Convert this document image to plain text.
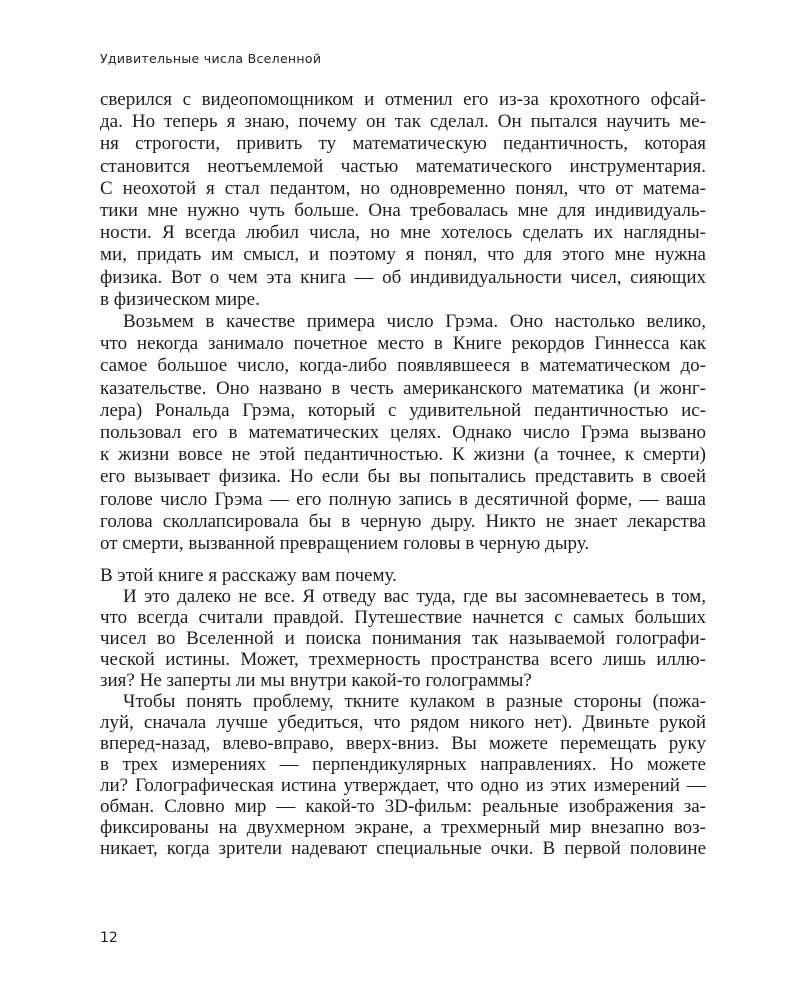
Удивительные числа Вселенной
сверился с видеопомощником и отменил его из-за крохотного офсай-
да. Но теперь я знаю, почему он так сделал. Он пытался научить ме-
ня строгости, привить ту математическую педантичность, которая
становится неотъемлемой частью математического инструментария.
С неохотой я стал педантом, но одновременно понял, что от матема-
тики мне нужно чуть больше. Она требовалась мне для индивидуаль-
ности. Я всегда любил числа, но мне хотелось сделать их наглядны-
ми, придать им смысл, и поэтому я понял, что для этого мне нужна
физика. Вот о чем эта книга — об индивидуальности чисел, сияющих
в физическом мире.
Возьмем в качестве примера число Грэма. Оно настолько велико,
что некогда занимало почетное место в Книге рекордов Гиннесса как
самое большое число, когда-либо появлявшееся в математическом до-
казательстве. Оно названо в честь американского математика (и жонг-
лера) Рональда Грэма, который с удивительной педантичностью ис-
пользовал его в математических целях. Однако число Грэма вызвано
к жизни вовсе не этой педантичностью. К жизни (а точнее, к смерти)
его вызывает физика. Но если бы вы попытались представить в своей
голове число Грэма — его полную запись в десятичной форме, — ваша
голова сколлапсировала бы в черную дыру. Никто не знает лекарства
от смерти, вызванной превращением головы в черную дыру.
В этой книге я расскажу вам почему.
И это далеко не все. Я отведу вас туда, где вы засомневаетесь в том,
что всегда считали правдой. Путешествие начнется с самых больших
чисел во Вселенной и поиска понимания так называемой голографи-
ческой истины. Может, трехмерность пространства всего лишь иллю-
зия? Не заперты ли мы внутри какой-то голограммы?
Чтобы понять проблему, ткните кулаком в разные стороны (пожа-
луй, сначала лучше убедиться, что рядом никого нет). Двиньте рукой
вперед-назад, влево-вправо, вверх-вниз. Вы можете перемещать руку
в трех измерениях — перпендикулярных направлениях. Но можете
ли? Голографическая истина утверждает, что одно из этих измерений —
обман. Словно мир — какой-то 3D-фильм: реальные изображения за-
фиксированы на двухмерном экране, а трехмерный мир внезапно воз-
никает, когда зрители надевают специальные очки. В первой половине
12
